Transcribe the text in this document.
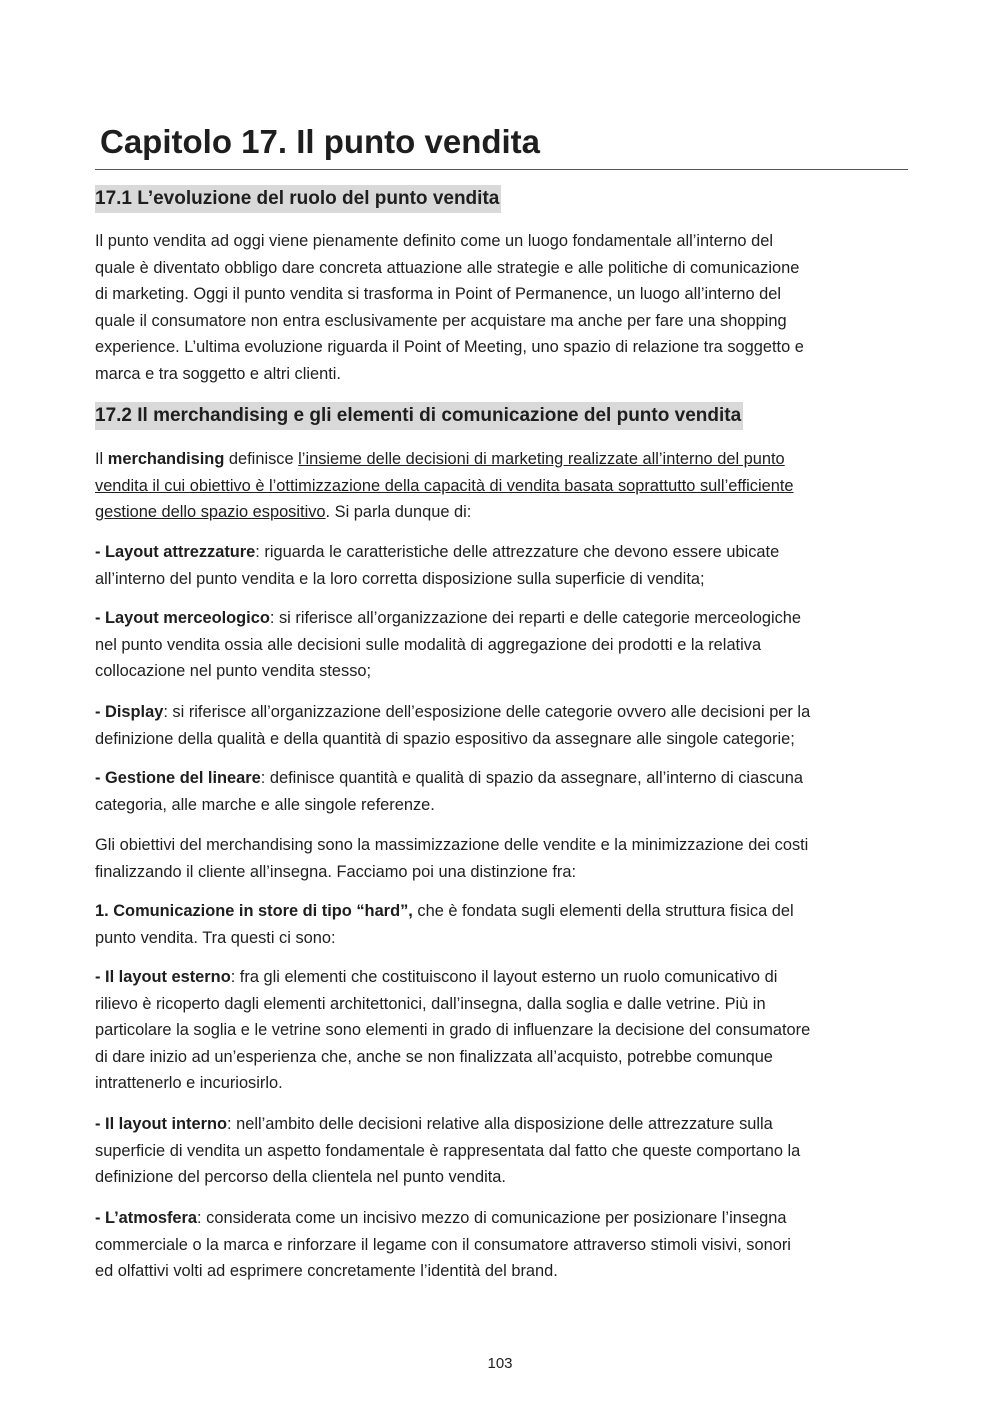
Capitolo 17. Il punto vendita
17.1 L’evoluzione del ruolo del punto vendita

Il punto vendita ad oggi viene pienamente definito come un luogo fondamentale all’interno del
quale è diventato obbligo dare concreta attuazione alle strategie e alle politiche di comunicazione
di marketing. Oggi il punto vendita si trasforma in Point of Permanence, un luogo all’interno del
quale il consumatore non entra esclusivamente per acquistare ma anche per fare una shopping
experience. L’ultima evoluzione riguarda il Point of Meeting, uno spazio di relazione tra soggetto e
marca e tra soggetto e altri clienti.

17.2 Il merchandising e gli elementi di comunicazione del punto vendita

Il merchandising definisce l’insieme delle decisioni di marketing realizzate all’interno del punto
vendita il cui obiettivo è l’ottimizzazione della capacità di vendita basata soprattutto sull’efficiente
gestione dello spazio espositivo. Si parla dunque di:

- Layout attrezzature: riguarda le caratteristiche delle attrezzature che devono essere ubicate
all’interno del punto vendita e la loro corretta disposizione sulla superficie di vendita;

- Layout merceologico: si riferisce all’organizzazione dei reparti e delle categorie merceologiche
nel punto vendita ossia alle decisioni sulle modalità di aggregazione dei prodotti e la relativa
collocazione nel punto vendita stesso;

- Display: si riferisce all’organizzazione dell’esposizione delle categorie ovvero alle decisioni per la
definizione della qualità e della quantità di spazio espositivo da assegnare alle singole categorie;

- Gestione del lineare: definisce quantità e qualità di spazio da assegnare, all’interno di ciascuna
categoria, alle marche e alle singole referenze.

Gli obiettivi del merchandising sono la massimizzazione delle vendite e la minimizzazione dei costi
finalizzando il cliente all’insegna. Facciamo poi una distinzione fra:

1. Comunicazione in store di tipo “hard”, che è fondata sugli elementi della struttura fisica del
punto vendita. Tra questi ci sono:

- Il layout esterno: fra gli elementi che costituiscono il layout esterno un ruolo comunicativo di
rilievo è ricoperto dagli elementi architettonici, dall’insegna, dalla soglia e dalle vetrine. Più in
particolare la soglia e le vetrine sono elementi in grado di influenzare la decisione del consumatore
di dare inizio ad un’esperienza che, anche se non finalizzata all’acquisto, potrebbe comunque
intrattenerlo e incuriosirlo.

- Il layout interno: nell’ambito delle decisioni relative alla disposizione delle attrezzature sulla
superficie di vendita un aspetto fondamentale è rappresentata dal fatto che queste comportano la
definizione del percorso della clientela nel punto vendita.

- L’atmosfera: considerata come un incisivo mezzo di comunicazione per posizionare l’insegna
commerciale o la marca e rinforzare il legame con il consumatore attraverso stimoli visivi, sonori
ed olfattivi volti ad esprimere concretamente l’identità del brand.

103
